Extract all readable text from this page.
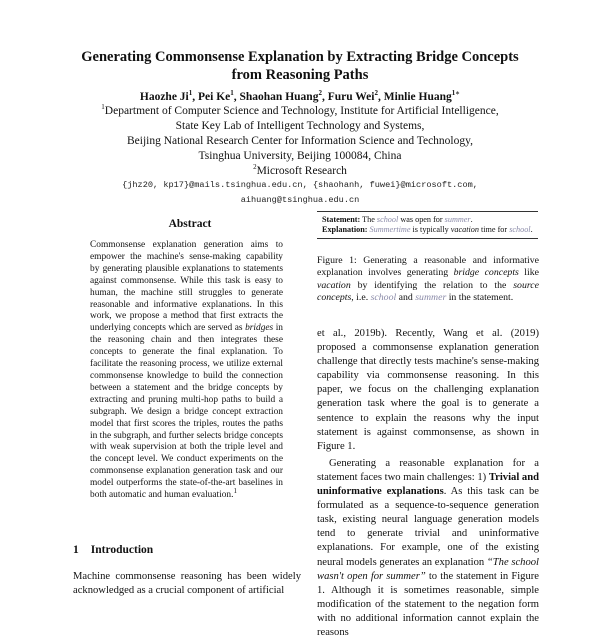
Generating Commonsense Explanation by Extracting Bridge Concepts
from Reasoning Paths
Haozhe Ji$^1$, Pei Ke$^1$, Shaohan Huang$^2$, Furu Wei$^2$, Minlie Huang$^{1∗}$
$^1$Department of Computer Science and Technology, Institute for Artificial Intelligence,
State Key Lab of Intelligent Technology and Systems,
Beijing National Research Center for Information Science and Technology,
Tsinghua University, Beijing 100084, China
$^2$Microsoft Research
{jhz20, kp17}@mails.tsinghua.edu.cn, {shaohanh, fuwei}@microsoft.com,
aihuang@tsinghua.edu.cn
Abstract

Commonsense explanation generation aims to empower the machine's sense-making capability by generating plausible explanations to statements against commonsense. While this task is easy to human, the machine still struggles to generate reasonable and informative explanations. In this work, we propose a method that first extracts the underlying concepts which are served as bridges in the reasoning chain and then integrates these concepts to generate the final explanation. To facilitate the reasoning process, we utilize external commonsense knowledge to build the connection between a statement and the bridge concepts by extracting and pruning multi-hop paths to build a subgraph. We design a bridge concept extraction model that first scores the triples, routes the paths in the subgraph, and further selects bridge concepts with weak supervision at both the triple level and the concept level. We conduct experiments on the commonsense explanation generation task and our model outperforms the state-of-the-art baselines in both automatic and human evaluation.$^1$

1 Introduction

Machine commonsense reasoning has been widely acknowledged as a crucial component of artificial

Statement: The school was open for summer.

Explanation: Summertime is typically vacation time for school.

Figure 1: Generating a reasonable and informative explanation involves generating bridge concepts like vacation by identifying the relation to the source concepts, i.e. school and summer in the statement.

et al., 2019b). Recently, Wang et al. (2019) proposed a commonsense explanation generation challenge that directly tests machine's sense-making capability via commonsense reasoning. In this paper, we focus on the challenging explanation generation task where the goal is to generate a sentence to explain the reasons why the input statement is against commonsense, as shown in Figure 1.

Generating a reasonable explanation for a statement faces two main challenges: 1) Trivial and uninformative explanations. As this task can be formulated as a sequence-to-sequence generation task, existing neural language generation models tend to generate trivial and uninformative explanations. For example, one of the existing neural models generates an explanation “The school wasn't open for summer” to the statement in Figure 1. Although it is sometimes reasonable, simple modification of the statement to the negation form with no additional information cannot explain the reasons
